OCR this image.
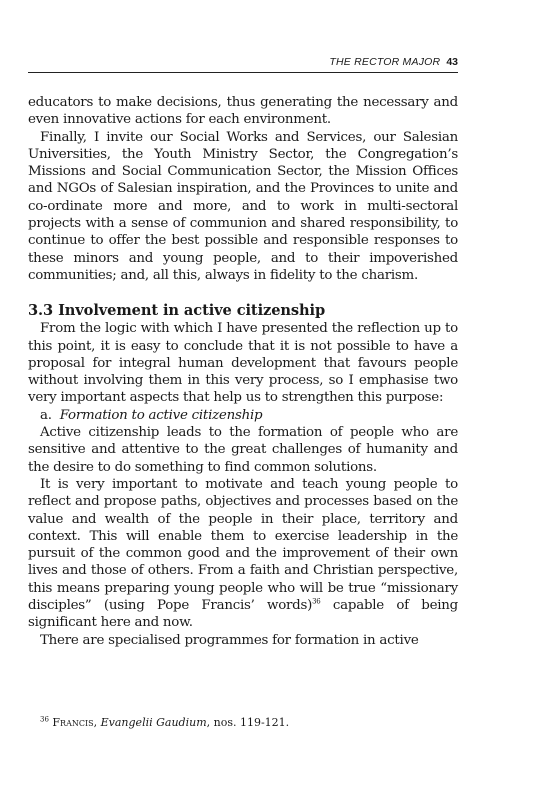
THE RECTOR MAJOR 43

educators to make decisions, thus generating the necessary and even innovative actions for each environment.

Finally, I invite our Social Works and Services, our Salesian Universities, the Youth Ministry Sector, the Congregation’s Missions and Social Communication Sector, the Mission Offices and NGOs of Salesian inspiration, and the Provinces to unite and co-ordinate more and more, and to work in multi-sectoral projects with a sense of communion and shared responsibility, to continue to offer the best possible and responsible responses to these minors and young people, and to their impoverished communities; and, all this, always in fidelity to the charism.

3.3 Involvement in active citizenship

From the logic with which I have presented the reflection up to this point, it is easy to conclude that it is not possible to have a proposal for integral human development that favours people without involving them in this very process, so I emphasise two very important aspects that help us to strengthen this purpose:

a. Formation to active citizenship

Active citizenship leads to the formation of people who are sensitive and attentive to the great challenges of humanity and the desire to do something to find common solutions.

It is very important to motivate and teach young people to reflect and propose paths, objectives and processes based on the value and wealth of the people in their place, territory and context. This will enable them to exercise leadership in the pursuit of the common good and the improvement of their own lives and those of others. From a faith and Christian perspective, this means preparing young people who will be true “missionary disciples” (using Pope Francis’ words)$^{36}$ capable of being significant here and now.

There are specialised programmes for formation in active

$^{36}$ Francis, Evangelii Gaudium, nos. 119-121.
